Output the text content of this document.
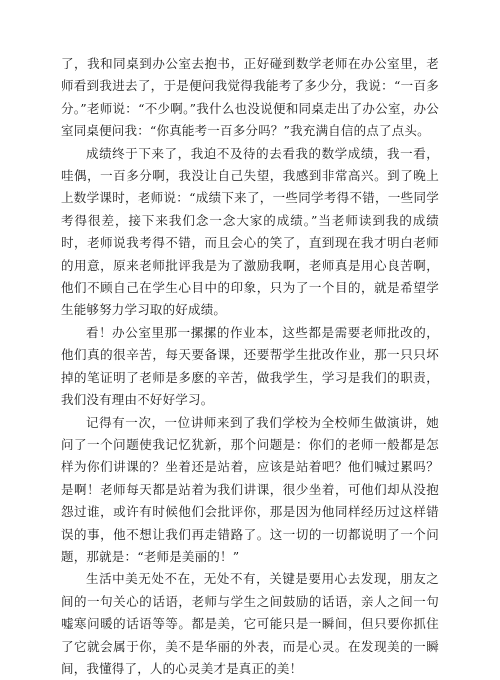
了，我和同桌到办公室去抱书，正好碰到数学老师在办公室里，老师看到我进去了，于是便问我觉得我能考了多少分，我说：“一百多分。”老师说：“不少啊。”我什么也没说便和同桌走出了办公室，办公室同桌便问我：“你真能考一百多分吗？”我充满自信的点了点头。

成绩终于下来了，我迫不及待的去看我的数学成绩，我一看，哇偶，一百多分啊，我没让自己失望，我感到非常高兴。到了晚上上数学课时，老师说：“成绩下来了，一些同学考得不错，一些同学考得很差，接下来我们念一念大家的成绩。”当老师读到我的成绩时，老师说我考得不错，而且会心的笑了，直到现在我才明白老师的用意，原来老师批评我是为了激励我啊，老师真是用心良苦啊，他们不顾自己在学生心目中的印象，只为了一个目的，就是希望学生能够努力学习取的好成绩。

看！办公室里那一摞摞的作业本，这些都是需要老师批改的，他们真的很辛苦，每天要备课，还要帮学生批改作业，那一只只坏掉的笔证明了老师是多麽的辛苦，做我学生，学习是我们的职责，我们没有理由不好好学习。

记得有一次，一位讲师来到了我们学校为全校师生做演讲，她问了一个问题使我记忆犹新，那个问题是：你们的老师一般都是怎样为你们讲课的？坐着还是站着，应该是站着吧？他们喊过累吗？是啊！老师每天都是站着为我们讲课，很少坐着，可他们却从没抱怨过谁，或许有时候他们会批评你，那是因为他同样经历过这样错误的事，他不想让我们再走错路了。这一切的一切都说明了一个问题，那就是：“老师是美丽的！”

生活中美无处不在，无处不有，关键是要用心去发现，朋友之间的一句关心的话语，老师与学生之间鼓励的话语，亲人之间一句嘘寒问暖的话语等等。都是美，它可能只是一瞬间，但只要你抓住了它就会属于你，美不是华丽的外表，而是心灵。在发现美的一瞬间，我懂得了，人的心灵美才是真正的美！
